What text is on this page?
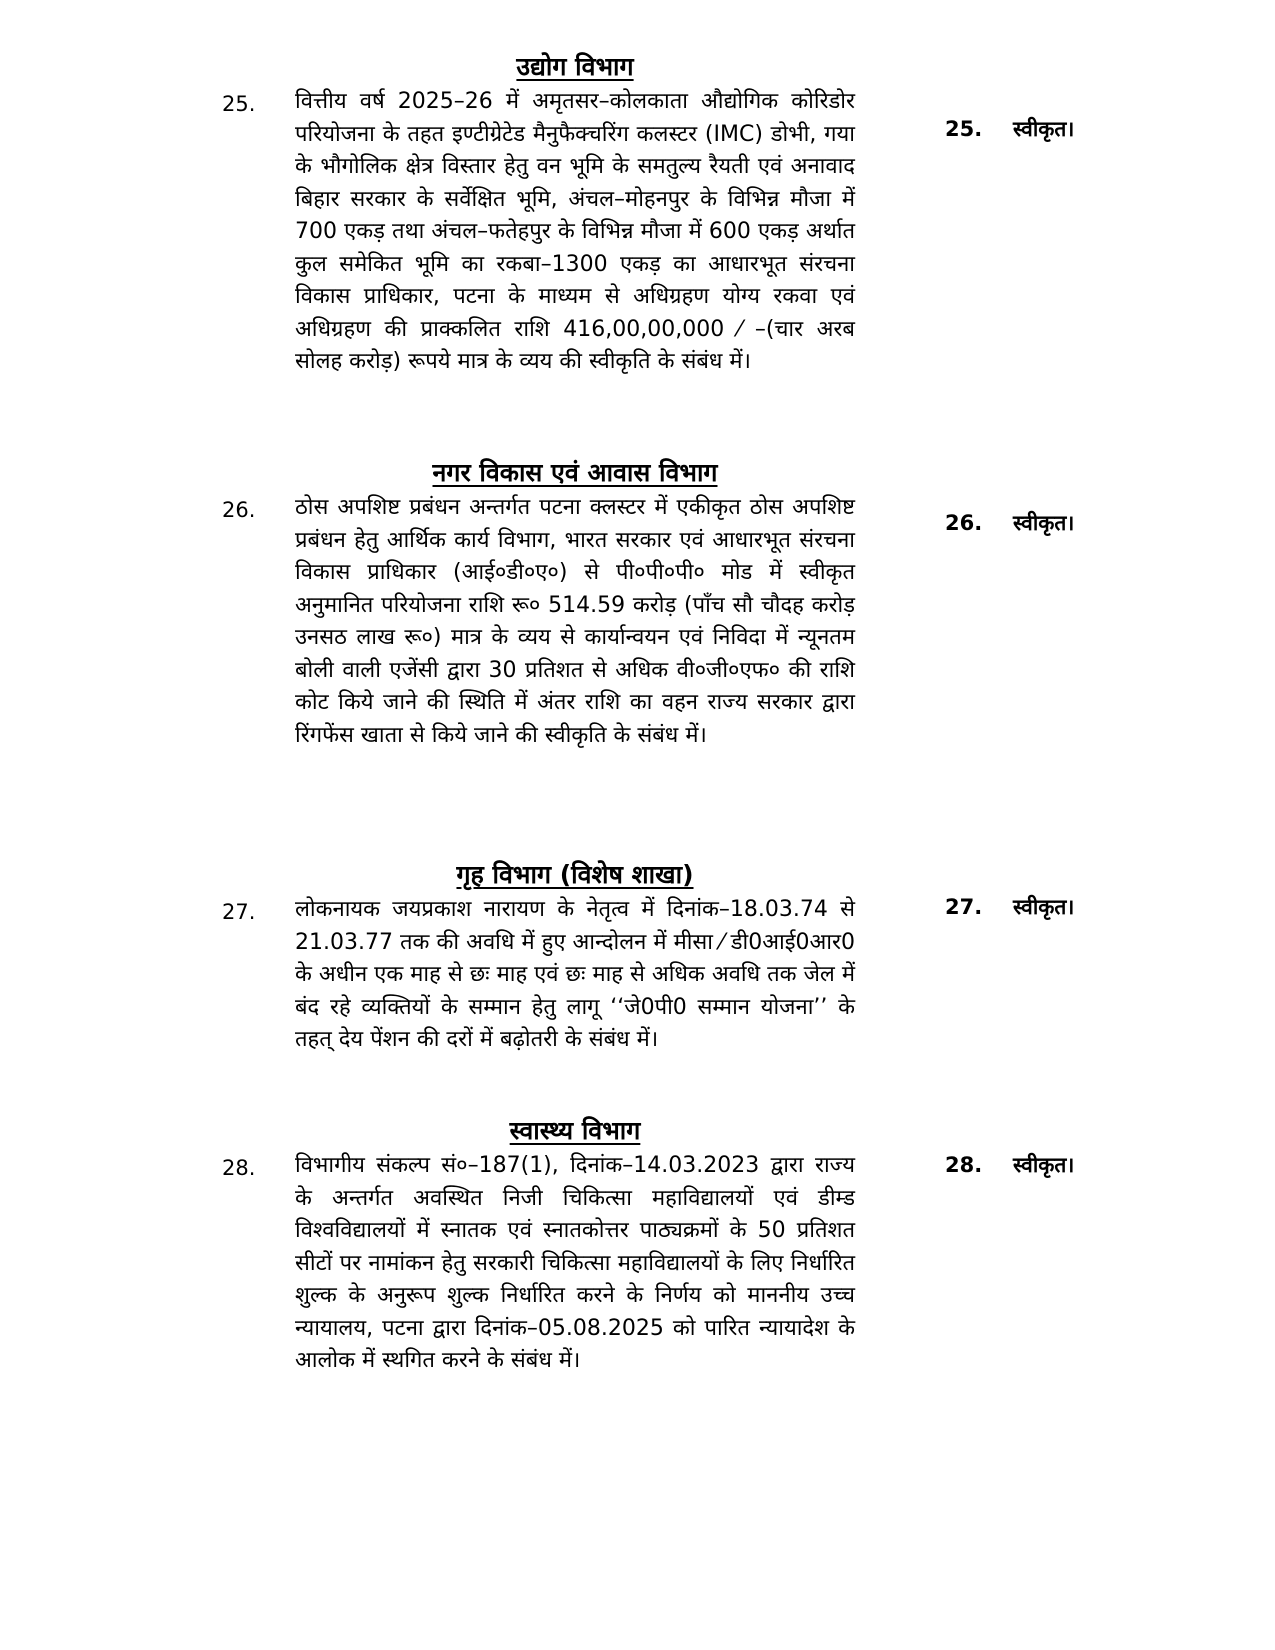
उद्योग विभाग
25. वित्तीय वर्ष 2025–26 में अमृतसर–कोलकाता औद्योगिक कोरिडोर परियोजना के तहत इण्टीग्रेटेड मैनुफैक्चरिंग कलस्टर (IMC) डोभी, गया के भौगोलिक क्षेत्र विस्तार हेतु वन भूमि के समतुल्य रैयती एवं अनावाद बिहार सरकार के सर्वेक्षित भूमि, अंचल–मोहनपुर के विभिन्न मौजा में 700 एकड़ तथा अंचल–फतेहपुर के विभिन्न मौजा में 600 एकड़ अर्थात कुल समेकित भूमि का रकबा–1300 एकड़ का आधारभूत संरचना विकास प्राधिकार, पटना के माध्यम से अधिग्रहण योग्य रकवा एवं अधिग्रहण की प्राक्कलित राशि 416,00,00,000 ⁄ –(चार अरब सोलह करोड़) रूपये मात्र के व्यय की स्वीकृति के संबंध में।
25. स्वीकृत।
नगर विकास एवं आवास विभाग
26. ठोस अपशिष्ट प्रबंधन अन्तर्गत पटना क्लस्टर में एकीकृत ठोस अपशिष्ट प्रबंधन हेतु आर्थिक कार्य विभाग, भारत सरकार एवं आधारभूत संरचना विकास प्राधिकार (आई०डी०ए०) से पी०पी०पी० मोड में स्वीकृत अनुमानित परियोजना राशि रू० 514.59 करोड़ (पाँच सौ चौदह करोड़ उनसठ लाख रू०) मात्र के व्यय से कार्यान्वयन एवं निविदा में न्यूनतम बोली वाली एजेंसी द्वारा 30 प्रतिशत से अधिक वी०जी०एफ० की राशि कोट किये जाने की स्थिति में अंतर राशि का वहन राज्य सरकार द्वारा रिंगफेंस खाता से किये जाने की स्वीकृति के संबंध में।
26. स्वीकृत।
गृह विभाग (विशेष शाखा)
27. लोकनायक जयप्रकाश नारायण के नेतृत्व में दिनांक–18.03.74 से 21.03.77 तक की अवधि में हुए आन्दोलन में मीसा ⁄ डी0आई0आर0 के अधीन एक माह से छः माह एवं छः माह से अधिक अवधि तक जेल में बंद रहे व्यक्तियों के सम्मान हेतु लागू ‘‘जे0पी0 सम्मान योजना’’ के तहत् देय पेंशन की दरों में बढ़ोतरी के संबंध में।
27. स्वीकृत।
स्वास्थ्य विभाग
28. विभागीय संकल्प सं०–187(1), दिनांक–14.03.2023 द्वारा राज्य के अन्तर्गत अवस्थित निजी चिकित्सा महाविद्यालयों एवं डीम्ड विश्वविद्यालयों में स्नातक एवं स्नातकोत्तर पाठ्यक्रमों के 50 प्रतिशत सीटों पर नामांकन हेतु सरकारी चिकित्सा महाविद्यालयों के लिए निर्धारित शुल्क के अनुरूप शुल्क निर्धारित करने के निर्णय को माननीय उच्च न्यायालय, पटना द्वारा दिनांक–05.08.2025 को पारित न्यायादेश के आलोक में स्थगित करने के संबंध में।
28. स्वीकृत।
